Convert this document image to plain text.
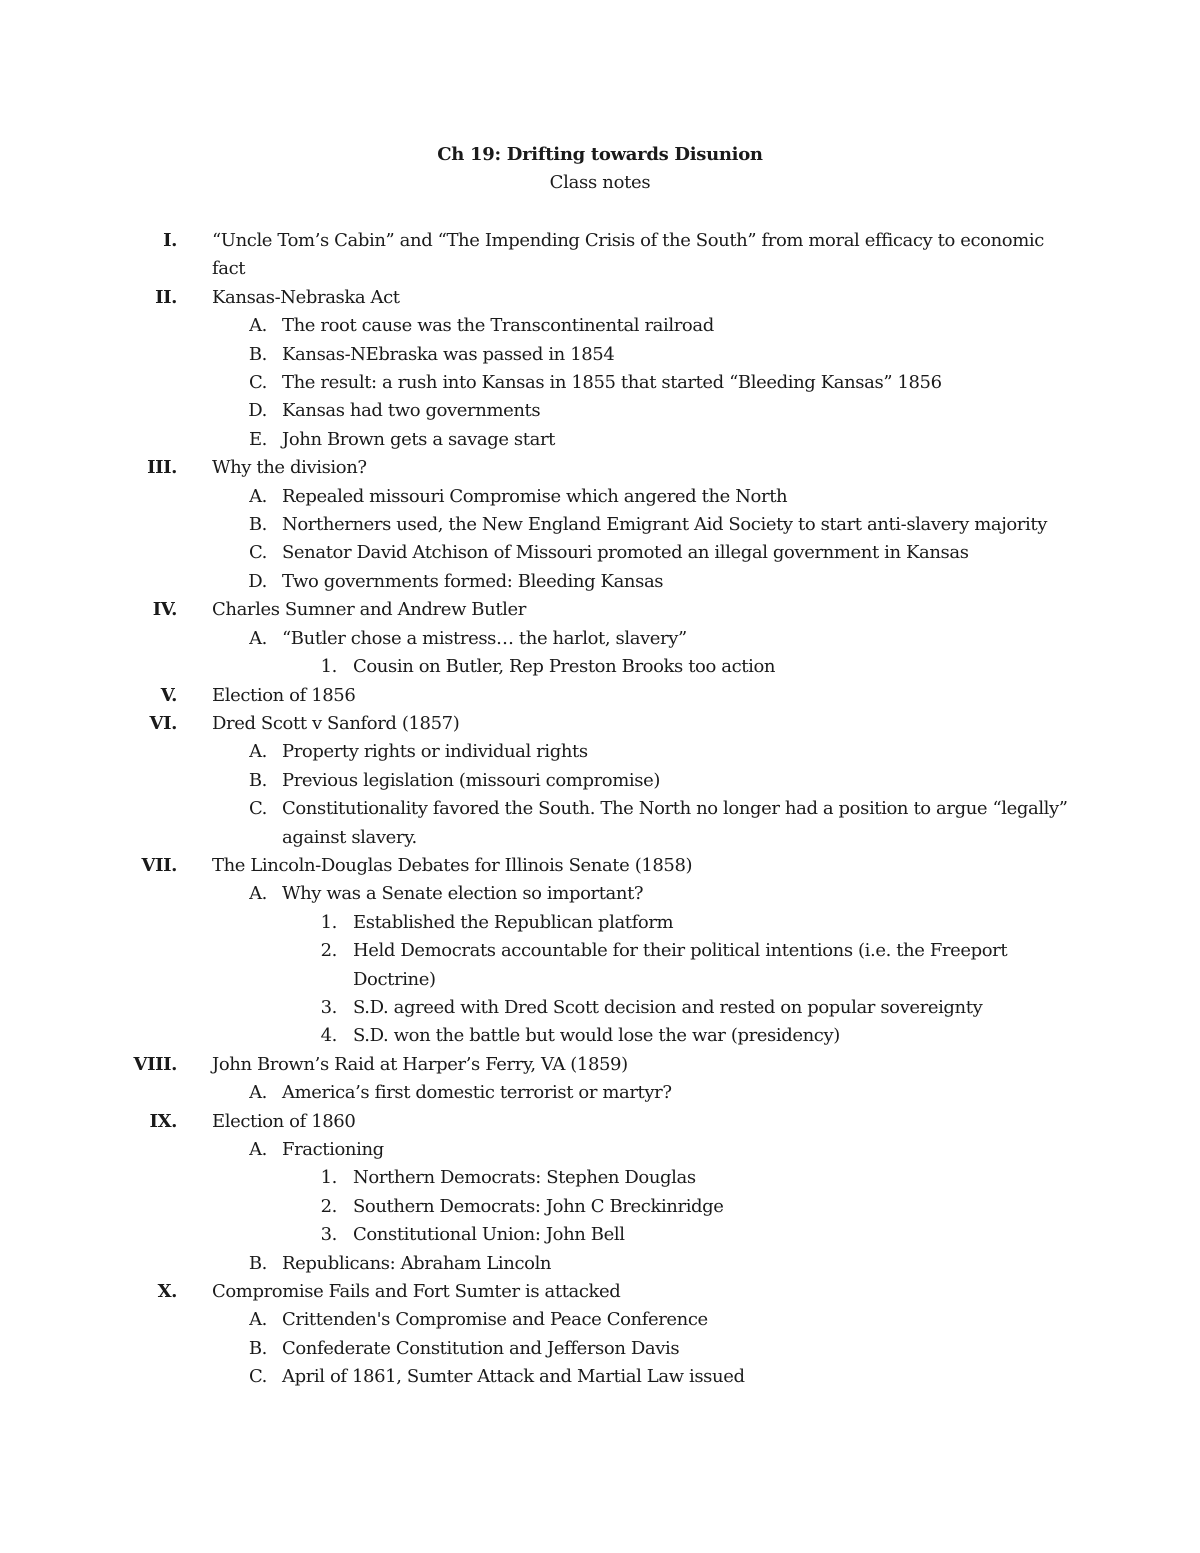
Ch 19: Drifting towards Disunion
Class notes
I. “Uncle Tom’s Cabin” and “The Impending Crisis of the South” from moral efficacy to economic fact
II. Kansas-Nebraska Act
A. The root cause was the Transcontinental railroad
B. Kansas-NEbraska was passed in 1854
C. The result: a rush into Kansas in 1855 that started “Bleeding Kansas” 1856
D. Kansas had two governments
E. John Brown gets a savage start
III. Why the division?
A. Repealed missouri Compromise which angered the North
B. Northerners used, the New England Emigrant Aid Society to start anti-slavery majority
C. Senator David Atchison of Missouri promoted an illegal government in Kansas
D. Two governments formed: Bleeding Kansas
IV. Charles Sumner and Andrew Butler
A. “Butler chose a mistress… the harlot, slavery”
1. Cousin on Butler, Rep Preston Brooks too action
V. Election of 1856
VI. Dred Scott v Sanford (1857)
A. Property rights or individual rights
B. Previous legislation (missouri compromise)
C. Constitutionality favored the South. The North no longer had a position to argue “legally” against slavery.
VII. The Lincoln-Douglas Debates for Illinois Senate (1858)
A. Why was a Senate election so important?
1. Established the Republican platform
2. Held Democrats accountable for their political intentions (i.e. the Freeport Doctrine)
3. S.D. agreed with Dred Scott decision and rested on popular sovereignty
4. S.D. won the battle but would lose the war (presidency)
VIII. John Brown’s Raid at Harper’s Ferry, VA (1859)
A. America’s first domestic terrorist or martyr?
IX. Election of 1860
A. Fractioning
1. Northern Democrats: Stephen Douglas
2. Southern Democrats: John C Breckinridge
3. Constitutional Union: John Bell
B. Republicans: Abraham Lincoln
X. Compromise Fails and Fort Sumter is attacked
A. Crittenden's Compromise and Peace Conference
B. Confederate Constitution and Jefferson Davis
C. April of 1861, Sumter Attack and Martial Law issued
